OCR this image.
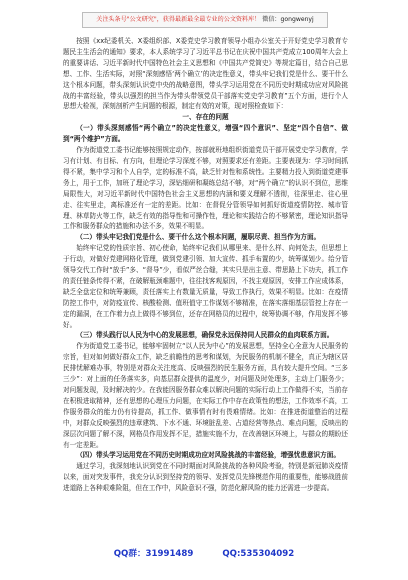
关注头条号"公文研究"，获得最新最全最专业的公文资料库！ 微信：gongwenyj

按照《xx纪委机关、X委组织部、X委党史学习教育领导小组办公室关于开好党史学习教育专题民主生活会的通知》要求，本人系统学习了习近平总书记在庆祝中国共产党成立100周年大会上的重要讲话、习近平新时代中国特色社会主义思想和《中国共产党简史》等规定篇目，结合自己思想、工作、生活实际，对照“深刻感悟‘两个确立’的决定性意义，带头牢记我们党是什么、要干什么这个根本问题，带头深刻认识党中央的战略意图，带头学习运用党在不同历史时期成功应对风险挑战的丰富经验，带头以强烈的担当作为带头带领党员干部落实党史学习教育”五个方面，进行个人思想大检视，深刻剖析产生问题的根源，制定有效的对策，现对照检查如下：

一、存在的问题

（一）带头深刻感悟“两个确立”的决定性意义，增强“四个意识”、坚定“四个自信”、做到“两个维护”方面。

作为街道党工委书记能够按照规定动作，按部就班地组织街道党员干部开展党史学习教育，学习有计划、有目标、有方向，但理论学习深度不够，对照要求还有差距。主要表现为：学习时间抓得不紧，集中学习和个人自学，定的标准不高，缺乏针对性和系统性。主要精力投入到街道党建事务上，用于工作，加班了理论学习，深钻细研和凝练总结不够，对“两个确立”的认识不到位，思维局限性大，对习近平新时代中国特色社会主义思想的内涵和要义理解不透彻，往深里走、往心里走、往实里走，离标准还有一定的差距。比如：在督促分管领导如何抓好街道疫情防控、城市管理、林草防火等工作，缺乏有效的指导性和可操作性，理论和实践结合的不够紧密，理论知识指导工作和服务群众的措施和办法不多，效果不明显。

（二）带头牢记我们党是什么、要干什么这个根本问题，履职尽责、担当作为方面。

始终牢记党的性质宗旨、初心使命，始终牢记我们从哪里来、是什么样、向何处去，但思想上于行动，对做好党建网格化管理，做到党建引领、加大宣传、抓手布置的少，统筹谋划少。给分管领导交代工作时“放手”多、“督导”少，看似严丝合缝，其实只是出主意、带思路上下功夫，抓工作的责任链条传得不紧，在破解瓶颈难题中，往往找客观原因，不找主观原因，安排工作应成体系，缺乏全盘定位和统筹兼顾，责任落实上有数量无质量，导致工作执行，效果不明显。比如：在疫情防控工作中，对防疫宣传、核酸检测、值班值守工作谋划不够精准，在落实落细基层管控上存在一定的漏洞，在工作着力点上做得不够到位，还存在网格员的过程中，统筹协调不够，作用发挥不够好。

（三）带头践行以人民为中心的发展思想，确保党永远保持同人民群众的血肉联系方面。

作为街道党工委书记，能够牢固树立“以人民为中心”的发展思想，坚持全心全意为人民服务的宗旨，但对如何做好群众工作，缺乏前瞻性的思考和谋划，为民服务的机制不健全，真正为辖区居民排忧解难办事，特别是对群众关注度高、反映强烈的民生服务方面，具有较大提升空间。“三多三少”：对上面的任务落实多，向基层群众提供的温度少，对问题及时处理多，主动上门服务少；对问题发现，及时解决的少。在我能因服务群众难以解决问题的实际行动上工作做得不实，当前存在积极进取精神，还有思想的心理压力问题，在实际工作中存在政策性的想法，工作效率不高，工作服务群众的能力仍有待提高，抓工作、做事情有时有畏难情绪。比如：在推进街道整治的过程中，对群众反映强烈的违章建筑、下水不通、环境脏乱差、占道经营等热点、难点问题，反映出的深层次问题了解不深，网格员作用发挥不足，措施实施不力，在改善辖区环境上，与群众的期盼还有一定差距。

（四）带头学习运用党在不同历史时期成功应对风险挑战的丰富经验，增强忧患意识方面。

通过学习，我深刻地认识到党在不同时期面对风险挑战的各种风险考验，特别是新冠肺炎疫情以来，面对突发事件，我充分认识到坚持党的领导、发挥党员先锋模范作用的重要性，能够战胜前进道路上各种艰难险阻，但在工作中，风险意识不强，防范化解风险的能力还需进一步提高。

QQ群：31991489	QQ:535304092
